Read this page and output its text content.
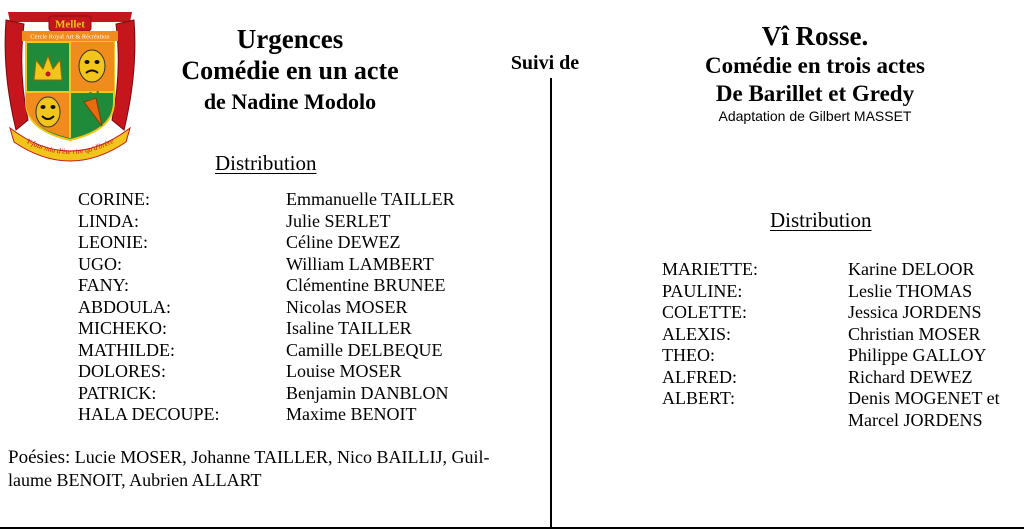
Mellet
Cercle Royal Art & Récréation
Y-faut mia d'ète rire qu'd'brère
Urgences
Comédie en un acte
de Nadine Modolo
Suivi de
Distribution
CORINE:	Emmanuelle TAILLER
LINDA:	Julie SERLET
LEONIE:	Céline DEWEZ
UGO:	William LAMBERT
FANY:	Clémentine BRUNEE
ABDOULA:	Nicolas MOSER
MICHEKO:	Isaline TAILLER
MATHILDE:	Camille DELBEQUE
DOLORES:	Louise MOSER
PATRICK:	Benjamin DANBLON
HALA DECOUPE:	Maxime BENOIT
Poésies: Lucie MOSER, Johanne TAILLER, Nico BAILLIJ, Guil-
laume BENOIT, Aubrien ALLART
Vî Rosse.
Comédie en trois actes
De Barillet et Gredy
Adaptation de Gilbert MASSET
Distribution
MARIETTE:	Karine DELOOR
PAULINE:	Leslie THOMAS
COLETTE:	Jessica JORDENS
ALEXIS:	Christian MOSER
THEO:	Philippe GALLOY
ALFRED:	Richard DEWEZ
ALBERT:	Denis MOGENET et
Marcel JORDENS
